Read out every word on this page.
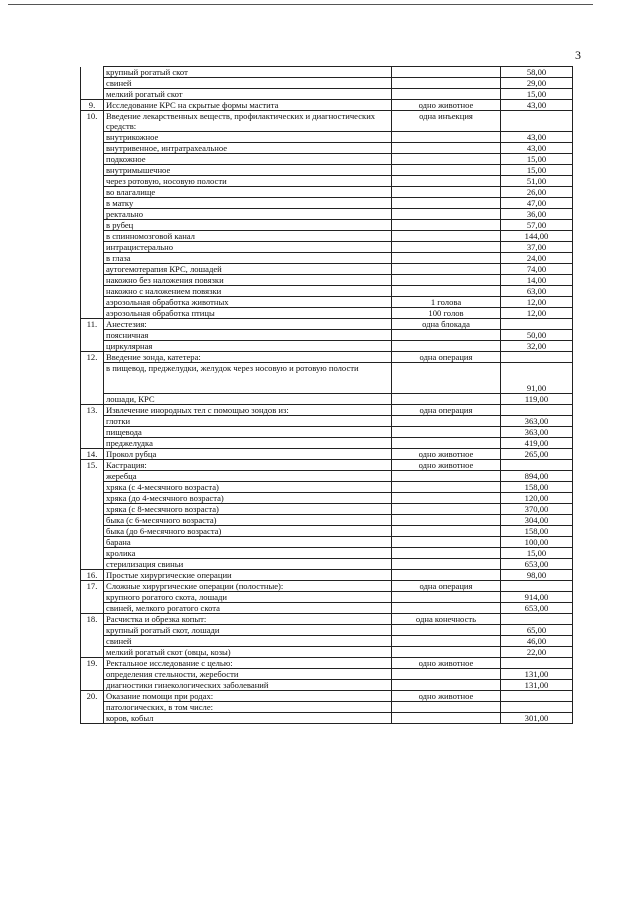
3
	крупный рогатый скот		58,00
	свиней		29,00
	мелкий рогатый скот		15,00
9.	Исследование КРС на скрытые формы мастита	одно животное	43,00
10.	Введение лекарственных веществ, профилактических и диагностических средств:	одна инъекция	
	внутрикожное		43,00
	внутривенное, интратрахеальное		43,00
	подкожное		15,00
	внутримышечное		15,00
	через ротовую, носовую полости		51,00
	во влагалище		26,00
	в матку		47,00
	ректально		36,00
	в рубец		57,00
	в спинномозговой канал		144,00
	интрацистерально		37,00
	в глаза		24,00
	аутогемотерапия КРС, лошадей		74,00
	накожно без наложения повязки		14,00
	накожно с наложением повязки		63,00
	аэрозольная обработка животных	1 голова	12,00
	аэрозольная обработка птицы	100 голов	12,00
11.	Анестезия:	одна блокада	
	поясничная		50,00
	циркулярная		32,00
12.	Введение зонда, катетера:	одна операция	
	в пищевод, преджелудки, желудок через носовую и ротовую полости		91,00
	лошади, КРС		119,00
13.	Извлечение инородных тел с помощью зондов из:	одна операция	
	глотки		363,00
	пищевода		363,00
	преджелудка		419,00
14.	Прокол рубца	одно животное	265,00
15.	Кастрация:	одно животное	
	жеребца		894,00
	хряка (с 4-месячного возраста)		158,00
	хряка (до 4-месячного возраста)		120,00
	хряка (с 8-месячного возраста)		370,00
	быка (с 6-месячного возраста)		304,00
	быка (до 6-месячного возраста)		158,00
	барана		100,00
	кролика		15,00
	стерилизация свиньи		653,00
16.	Простые хирургические операции		98,00
17.	Сложные хирургические операции (полостные):	одна операция	
	крупного рогатого скота, лошади		914,00
	свиней, мелкого рогатого скота		653,00
18.	Расчистка и обрезка копыт:	одна конечность	
	крупный рогатый скот, лошади		65,00
	свиней		46,00
	мелкий рогатый скот (овцы, козы)		22,00
19.	Ректальное исследование с целью:	одно животное	
	определения стельности, жеребости		131,00
	диагностики гинекологических заболеваний		131,00
20.	Оказание помощи при родах:	одно животное	
	патологических, в том числе:		
	коров, кобыл		301,00
